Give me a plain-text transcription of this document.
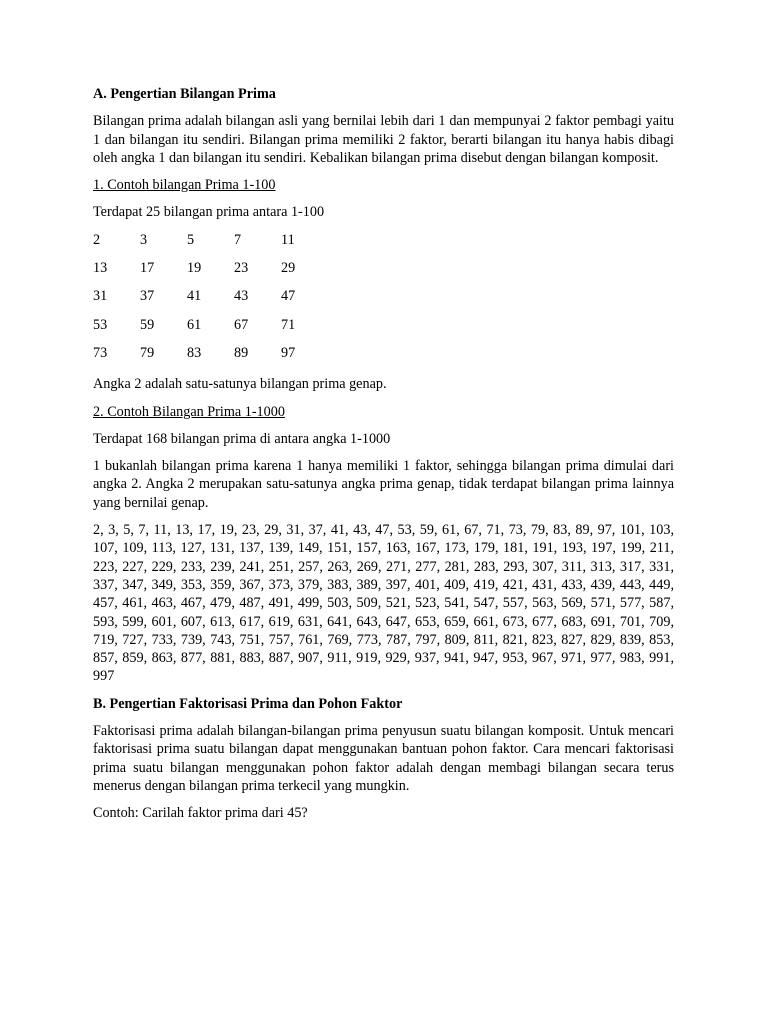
A. Pengertian Bilangan Prima

Bilangan prima adalah bilangan asli yang bernilai lebih dari 1 dan mempunyai 2 faktor pembagi yaitu 1 dan bilangan itu sendiri. Bilangan prima memiliki 2 faktor, berarti bilangan itu hanya habis dibagi oleh angka 1 dan bilangan itu sendiri. Kebalikan bilangan prima disebut dengan bilangan komposit.

1. Contoh bilangan Prima 1-100

Terdapat 25 bilangan prima antara 1-100

2	3	5	7	11
13	17	19	23	29
31	37	41	43	47
53	59	61	67	71
73	79	83	89	97

Angka 2 adalah satu-satunya bilangan prima genap.

2. Contoh Bilangan Prima 1-1000

Terdapat 168 bilangan prima di antara angka 1-1000

1 bukanlah bilangan prima karena 1 hanya memiliki 1 faktor, sehingga bilangan prima dimulai dari angka 2. Angka 2 merupakan satu-satunya angka prima genap, tidak terdapat bilangan prima lainnya yang bernilai genap.

2, 3, 5, 7, 11, 13, 17, 19, 23, 29, 31, 37, 41, 43, 47, 53, 59, 61, 67, 71, 73, 79, 83, 89, 97, 101, 103, 107, 109, 113, 127, 131, 137, 139, 149, 151, 157, 163, 167, 173, 179, 181, 191, 193, 197, 199, 211, 223, 227, 229, 233, 239, 241, 251, 257, 263, 269, 271, 277, 281, 283, 293, 307, 311, 313, 317, 331, 337, 347, 349, 353, 359, 367, 373, 379, 383, 389, 397, 401, 409, 419, 421, 431, 433, 439, 443, 449, 457, 461, 463, 467, 479, 487, 491, 499, 503, 509, 521, 523, 541, 547, 557, 563, 569, 571, 577, 587, 593, 599, 601, 607, 613, 617, 619, 631, 641, 643, 647, 653, 659, 661, 673, 677, 683, 691, 701, 709, 719, 727, 733, 739, 743, 751, 757, 761, 769, 773, 787, 797, 809, 811, 821, 823, 827, 829, 839, 853, 857, 859, 863, 877, 881, 883, 887, 907, 911, 919, 929, 937, 941, 947, 953, 967, 971, 977, 983, 991, 997

B. Pengertian Faktorisasi Prima dan Pohon Faktor

Faktorisasi prima adalah bilangan-bilangan prima penyusun suatu bilangan komposit. Untuk mencari faktorisasi prima suatu bilangan dapat menggunakan bantuan pohon faktor. Cara mencari faktorisasi prima suatu bilangan menggunakan pohon faktor adalah dengan membagi bilangan secara terus menerus dengan bilangan prima terkecil yang mungkin.

Contoh: Carilah faktor prima dari 45?
